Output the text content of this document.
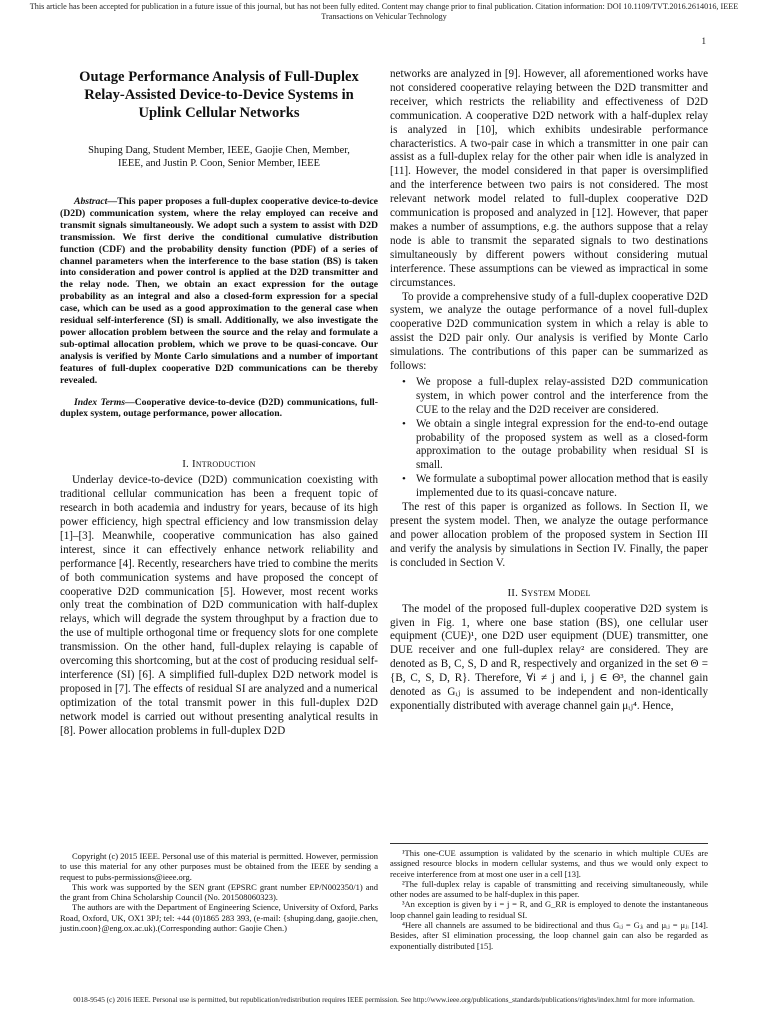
This article has been accepted for publication in a future issue of this journal, but has not been fully edited. Content may change prior to final publication. Citation information: DOI 10.1109/TVT.2016.2614016, IEEE Transactions on Vehicular Technology
1
Outage Performance Analysis of Full-Duplex Relay-Assisted Device-to-Device Systems in Uplink Cellular Networks
Shuping Dang, Student Member, IEEE, Gaojie Chen, Member, IEEE, and Justin P. Coon, Senior Member, IEEE
Abstract—This paper proposes a full-duplex cooperative device-to-device (D2D) communication system, where the relay employed can receive and transmit signals simultaneously. We adopt such a system to assist with D2D transmission. We first derive the conditional cumulative distribution function (CDF) and the probability density function (PDF) of a series of channel parameters when the interference to the base station (BS) is taken into consideration and power control is applied at the D2D transmitter and the relay node. Then, we obtain an exact expression for the outage probability as an integral and also a closed-form expression for a special case, which can be used as a good approximation to the general case when residual self-interference (SI) is small. Additionally, we also investigate the power allocation problem between the source and the relay and formulate a sub-optimal allocation problem, which we prove to be quasi-concave. Our analysis is verified by Monte Carlo simulations and a number of important features of full-duplex cooperative D2D communications can be thereby revealed.
Index Terms—Cooperative device-to-device (D2D) communications, full-duplex system, outage performance, power allocation.
I. Introduction

Underlay device-to-device (D2D) communication coexisting with traditional cellular communication has been a frequent topic of research in both academia and industry for years, because of its high power efficiency, high spectral efficiency and low transmission delay [1]–[3]. Meanwhile, cooperative communication has also gained interest, since it can effectively enhance network reliability and performance [4]. Recently, researchers have tried to combine the merits of both communication systems and have proposed the concept of cooperative D2D communication [5]. However, most recent works only treat the combination of D2D communication with half-duplex relays, which will degrade the system throughput by a fraction due to the use of multiple orthogonal time or frequency slots for one complete transmission. On the other hand, full-duplex relaying is capable of overcoming this shortcoming, but at the cost of producing residual self-interference (SI) [6]. A simplified full-duplex D2D network model is proposed in [7]. The effects of residual SI are analyzed and a numerical optimization of the total transmit power in this full-duplex D2D network model is carried out without presenting analytical results in [8]. Power allocation problems in full-duplex D2D

networks are analyzed in [9]. However, all aforementioned works have not considered cooperative relaying between the D2D transmitter and receiver, which restricts the reliability and effectiveness of D2D communication. A cooperative D2D network with a half-duplex relay is analyzed in [10], which exhibits undesirable performance characteristics. A two-pair case in which a transmitter in one pair can assist as a full-duplex relay for the other pair when idle is analyzed in [11]. However, the model considered in that paper is oversimplified and the interference between two pairs is not considered. The most relevant network model related to full-duplex cooperative D2D communication is proposed and analyzed in [12]. However, that paper makes a number of assumptions, e.g. the authors suppose that a relay node is able to transmit the separated signals to two destinations simultaneously by different powers without considering mutual interference. These assumptions can be viewed as impractical in some circumstances.

To provide a comprehensive study of a full-duplex cooperative D2D system, we analyze the outage performance of a novel full-duplex cooperative D2D communication system in which a relay is able to assist the D2D pair only. Our analysis is verified by Monte Carlo simulations. The contributions of this paper can be summarized as follows:

• We propose a full-duplex relay-assisted D2D communication system, in which power control and the interference from the CUE to the relay and the D2D receiver are considered.
• We obtain a single integral expression for the end-to-end outage probability of the proposed system as well as a closed-form approximation to the outage probability when residual SI is small.
• We formulate a suboptimal power allocation method that is easily implemented due to its quasi-concave nature.

The rest of this paper is organized as follows. In Section II, we present the system model. Then, we analyze the outage performance and power allocation problem of the proposed system in Section III and verify the analysis by simulations in Section IV. Finally, the paper is concluded in Section V.

II. System Model

The model of the proposed full-duplex cooperative D2D system is given in Fig. 1, where one base station (BS), one cellular user equipment (CUE)¹, one D2D user equipment (DUE) transmitter, one DUE receiver and one full-duplex relay² are considered. They are denoted as B, C, S, D and R, respectively and organized in the set Θ = {B, C, S, D, R}. Therefore, ∀i ≠ j and i, j ∈ Θ³, the channel gain denoted as Gᵢⱼ is assumed to be independent and non-identically exponentially distributed with average channel gain μᵢⱼ⁴. Hence,

Copyright (c) 2015 IEEE. Personal use of this material is permitted. However, permission to use this material for any other purposes must be obtained from the IEEE by sending a request to pubs-permissions@ieee.org.

This work was supported by the SEN grant (EPSRC grant number EP/N002350/1) and the grant from China Scholarship Council (No. 201508060323).

The authors are with the Department of Engineering Science, University of Oxford, Parks Road, Oxford, UK, OX1 3PJ; tel: +44 (0)1865 283 393, (e-mail: {shuping.dang, gaojie.chen, justin.coon}@eng.ox.ac.uk).(Corresponding author: Gaojie Chen.)

¹This one-CUE assumption is validated by the scenario in which multiple CUEs are assigned resource blocks in modern cellular systems, and thus we would only expect to receive interference from at most one user in a cell [13].

²The full-duplex relay is capable of transmitting and receiving simultaneously, while other nodes are assumed to be half-duplex in this paper.

³An exception is given by i = j = R, and G_RR is employed to denote the instantaneous loop channel gain leading to residual SI.

⁴Here all channels are assumed to be bidirectional and thus Gᵢⱼ = Gⱼᵢ and μᵢⱼ = μⱼᵢ [14]. Besides, after SI elimination processing, the loop channel gain can also be regarded as exponentially distributed [15].

0018-9545 (c) 2016 IEEE. Personal use is permitted, but republication/redistribution requires IEEE permission. See http://www.ieee.org/publications_standards/publications/rights/index.html for more information.
